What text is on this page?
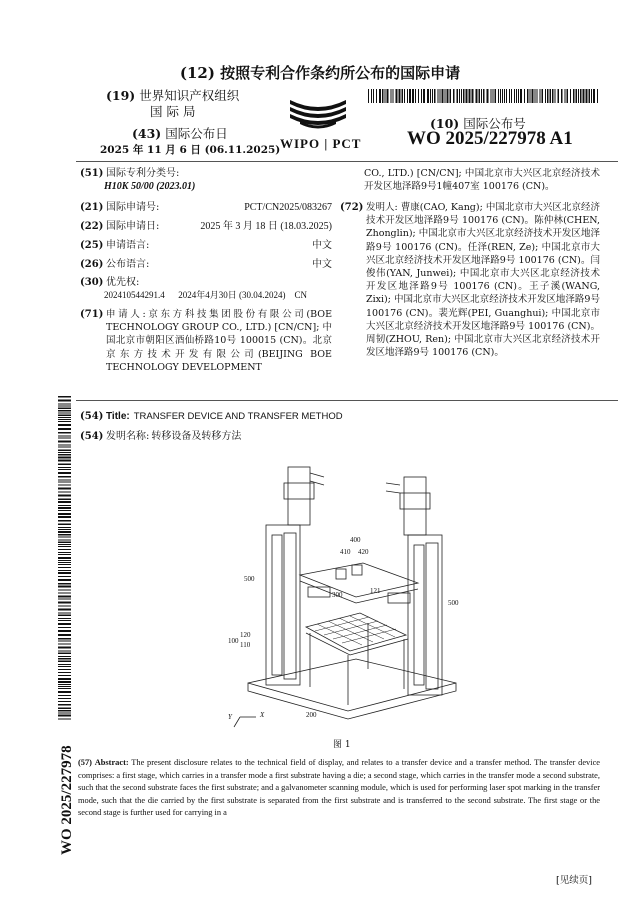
(12) 按照专利合作条约所公布的国际申请
(19) 世界知识产权组织
国 际 局
(43) 国际公布日
2025 年 11 月 6 日 (06.11.2025) WIPO | PCT
(10) 国际公布号
WO 2025/227978 A1
(51) 国际专利分类号:
H10K 50/00 (2023.01)
(21) 国际申请号:	PCT/CN2025/083267
(22) 国际申请日:	2025 年 3 月 18 日 (18.03.2025)
(25) 申请语言:	中文
(26) 公布语言:	中文
(30) 优先权:
202410544291.4      2024年4月30日 (30.04.2024)    CN
(71) 申请人:京东方科技集团股份有限公司(BOE TECHNOLOGY GROUP CO., LTD.) [CN/CN]; 中国北京市朝阳区酒仙桥路10号 100015 (CN)。北京京东方技术开发有限公司(BEIJING BOE TECHNOLOGY DEVELOPMENT
CO., LTD.) [CN/CN]; 中国北京市大兴区北京经济技术开发区地泽路9号1幢407室 100176 (CN)。
(72) 发明人: 曹康(CAO, Kang); 中国北京市大兴区北京经济技术开发区地泽路9号 100176 (CN)。陈仲林(CHEN, Zhonglin); 中国北京市大兴区北京经济技术开发区地泽路9号 100176 (CN)。任泽(REN, Ze); 中国北京市大兴区北京经济技术开发区地泽路9号 100176 (CN)。闫俊伟(YAN, Junwei); 中国北京市大兴区北京经济技术开发区地泽路9号 100176 (CN)。王子溪(WANG, Zixi); 中国北京市大兴区北京经济技术开发区地泽路9号 100176 (CN)。裴光辉(PEI, Guanghui); 中国北京市大兴区北京经济技术开发区地泽路9号 100176 (CN)。周韧(ZHOU, Ren); 中国北京市大兴区北京经济技术开发区地泽路9号 100176 (CN)。
(54) Title: TRANSFER DEVICE AND TRANSFER METHOD
(54) 发明名称: 转移设备及转移方法
400
410 420
500
300	121
500
120
110
100
200
Y	X
图 1
(57) Abstract: The present disclosure relates to the technical field of display, and relates to a transfer device and a transfer method. The transfer device comprises: a first stage, which carries in a transfer mode a first substrate having a die; a second stage, which carries in the transfer mode a second substrate, such that the second substrate faces the first substrate; and a galvanometer scanning module, which is used for performing laser spot marking in the transfer mode, such that the die carried by the first substrate is separated from the first substrate and is transferred to the second substrate. The first stage or the second stage is further used for carrying in a
WO 2025/227978 A1
[见续页]
